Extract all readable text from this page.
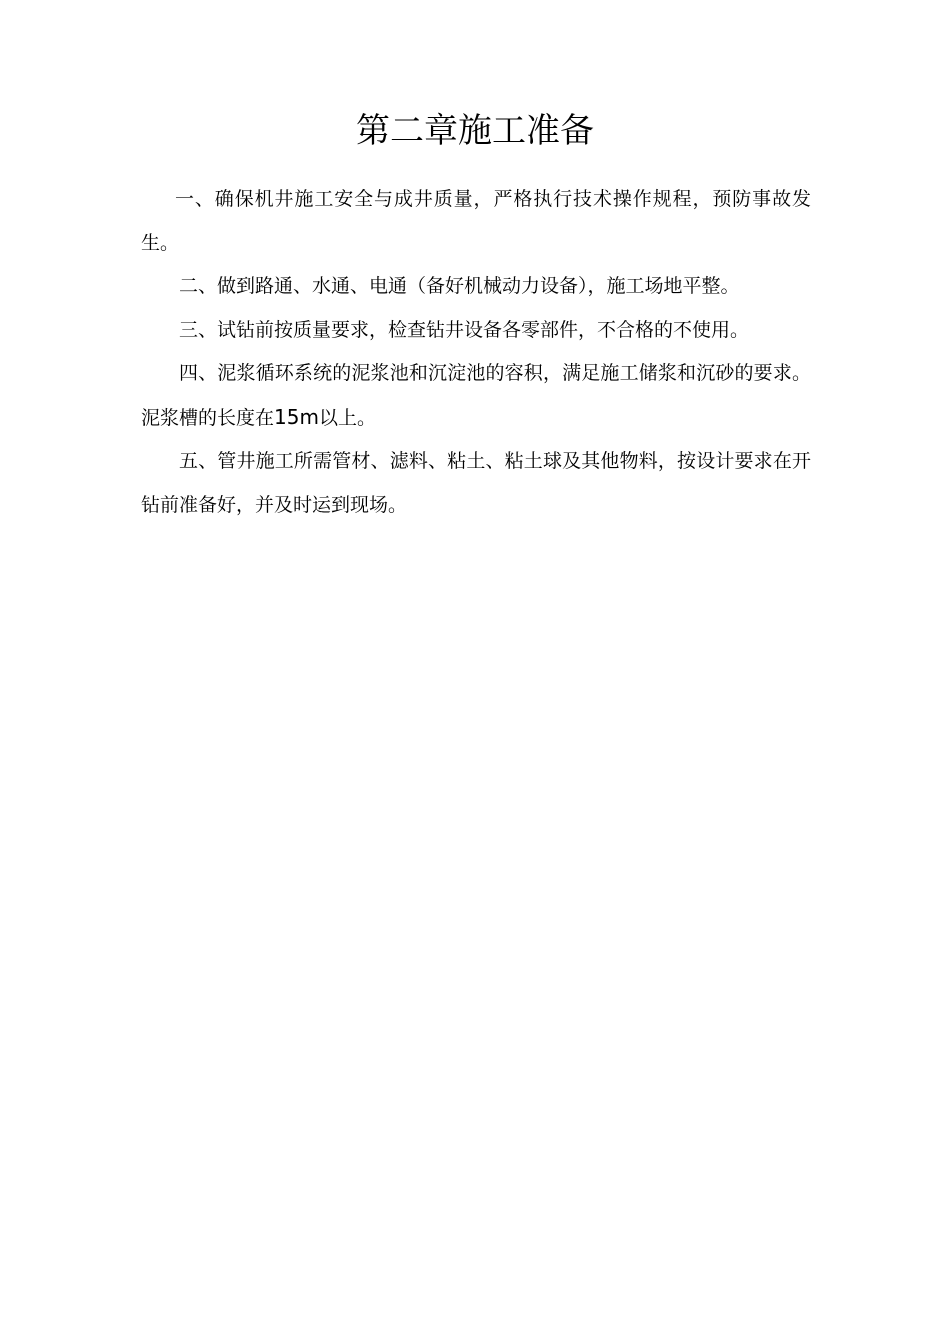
第二章施工准备

一、确保机井施工安全与成井质量，严格执行技术操作规程，预防事故发生。

二、做到路通、水通、电通（备好机械动力设备），施工场地平整。

三、试钻前按质量要求，检查钻井设备各零部件，不合格的不使用。

四、泥浆循环系统的泥浆池和沉淀池的容积，满足施工储浆和沉砂的要求。泥浆槽的长度在15m以上。

五、管井施工所需管材、滤料、粘土、粘土球及其他物料，按设计要求在开钻前准备好，并及时运到现场。
